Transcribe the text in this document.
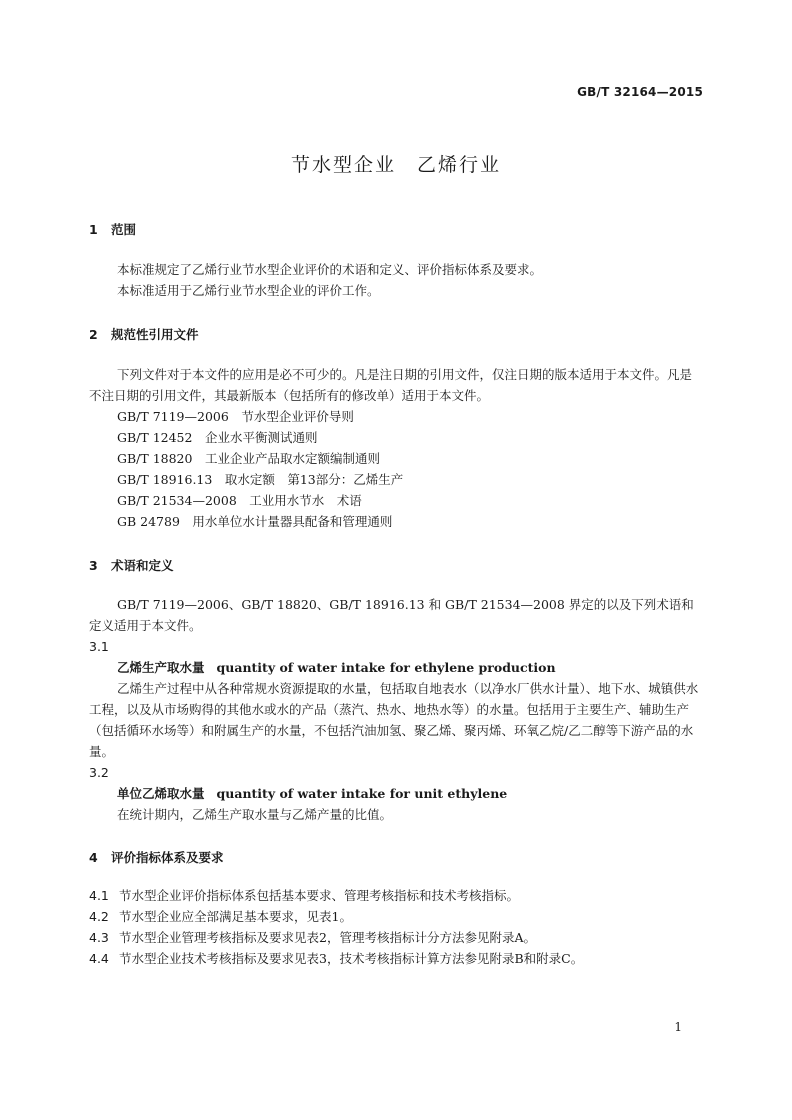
GB/T 32164—2015
节水型企业　乙烯行业
1 范围
本标准规定了乙烯行业节水型企业评价的术语和定义、评价指标体系及要求。
本标准适用于乙烯行业节水型企业的评价工作。
2 规范性引用文件
下列文件对于本文件的应用是必不可少的。凡是注日期的引用文件，仅注日期的版本适用于本文件。凡是不注日期的引用文件，其最新版本（包括所有的修改单）适用于本文件。
GB/T 7119—2006　节水型企业评价导则
GB/T 12452　企业水平衡测试通则
GB/T 18820　工业企业产品取水定额编制通则
GB/T 18916.13　取水定额　第13部分：乙烯生产
GB/T 21534—2008　工业用水节水　术语
GB 24789　用水单位水计量器具配备和管理通则
3 术语和定义
GB/T 7119—2006、GB/T 18820、GB/T 18916.13 和 GB/T 21534—2008 界定的以及下列术语和定义适用于本文件。
3.1
乙烯生产取水量 quantity of water intake for ethylene production
乙烯生产过程中从各种常规水资源提取的水量，包括取自地表水（以净水厂供水计量）、地下水、城镇供水工程，以及从市场购得的其他水或水的产品（蒸汽、热水、地热水等）的水量。包括用于主要生产、辅助生产（包括循环水场等）和附属生产的水量，不包括汽油加氢、聚乙烯、聚丙烯、环氧乙烷/乙二醇等下游产品的水量。
3.2
单位乙烯取水量 quantity of water intake for unit ethylene
在统计期内，乙烯生产取水量与乙烯产量的比值。
4 评价指标体系及要求
4.1 节水型企业评价指标体系包括基本要求、管理考核指标和技术考核指标。
4.2 节水型企业应全部满足基本要求，见表1。
4.3 节水型企业管理考核指标及要求见表2，管理考核指标计分方法参见附录A。
4.4 节水型企业技术考核指标及要求见表3，技术考核指标计算方法参见附录B和附录C。
1
